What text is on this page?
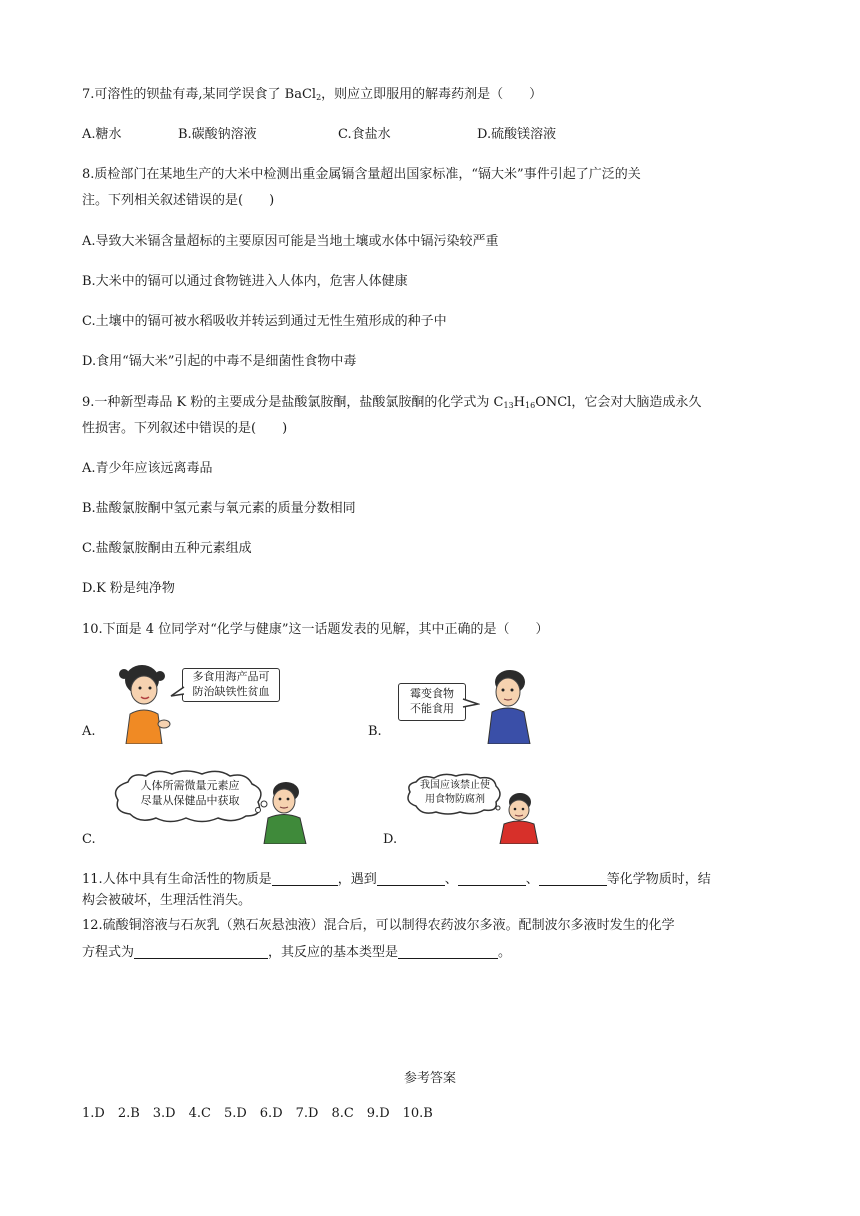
7.可溶性的钡盐有毒,某同学误食了 BaCl$_2$，则应立即服用的解毒药剂是（　　）
A.糖水	B.碳酸钠溶液	C.食盐水	D.硫酸镁溶液
8.质检部门在某地生产的大米中检测出重金属镉含量超出国家标准，“镉大米”事件引起了广泛的关
注。下列相关叙述错误的是(　　)
A.导致大米镉含量超标的主要原因可能是当地土壤或水体中镉污染较严重
B.大米中的镉可以通过食物链进入人体内，危害人体健康
C.土壤中的镉可被水稻吸收并转运到通过无性生殖形成的种子中
D.食用“镉大米”引起的中毒不是细菌性食物中毒
9.一种新型毒品 K 粉的主要成分是盐酸氯胺酮，盐酸氯胺酮的化学式为 $C_{13}H_{16}ONCl$，它会对大脑造成永久
性损害。下列叙述中错误的是(　　)
A.青少年应该远离毒品
B.盐酸氯胺酮中氢元素与氧元素的质量分数相同
C.盐酸氯胺酮由五种元素组成
D.K 粉是纯净物
10.下面是 4 位同学对“化学与健康”这一话题发表的见解，其中正确的是（　　）
A.
多食用海产品可
防治缺铁性贫血
B.
霉变食物
不能食用
C.
人体所需微量元素应
尽量从保健品中获取
D.
我国应该禁止使
用食物防腐剂
11.人体中具有生命活性的物质是	，遇到	、	、	等化学物质时，结
构会被破坏，生理活性消失。
12.硫酸铜溶液与石灰乳（熟石灰悬浊液）混合后，可以制得农药波尔多液。配制波尔多液时发生的化学
方程式为	，其反应的基本类型是	。
参考答案
1.D　2.B　3.D　4.C　5.D　6.D　7.D　8.C　9.D　10.B
